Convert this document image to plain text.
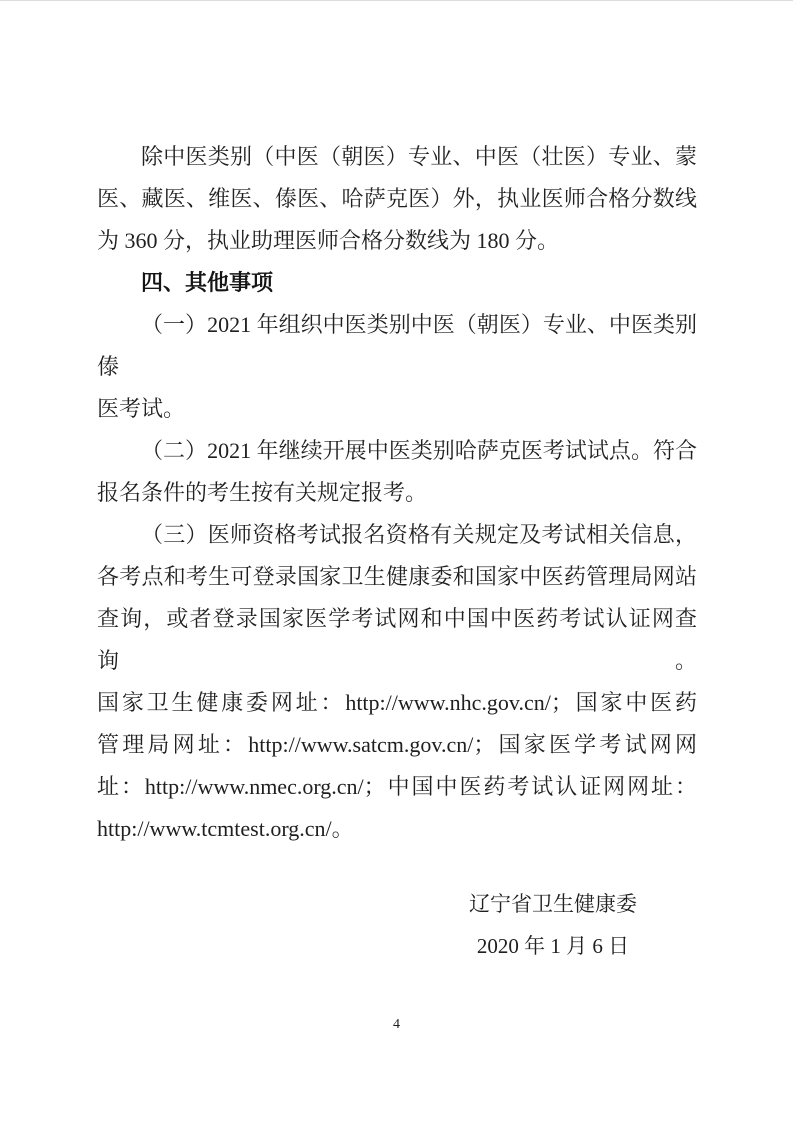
除中医类别（中医（朝医）专业、中医（壮医）专业、蒙
医、藏医、维医、傣医、哈萨克医）外，执业医师合格分数线
为 360 分，执业助理医师合格分数线为 180 分。
四、其他事项
（一）2021 年组织中医类别中医（朝医）专业、中医类别傣
医考试。
（二）2021 年继续开展中医类别哈萨克医考试试点。符合
报名条件的考生按有关规定报考。
（三）医师资格考试报名资格有关规定及考试相关信息，
各考点和考生可登录国家卫生健康委和国家中医药管理局网站
查询，或者登录国家医学考试网和中国中医药考试认证网查询。
国家卫生健康委网址：http://www.nhc.gov.cn/；国家中医药
管理局网址：http://www.satcm.gov.cn/；国家医学考试网网
址：http://www.nmec.org.cn/；中国中医药考试认证网网址：
http://www.tcmtest.org.cn/。
辽宁省卫生健康委
2020 年 1 月 6 日
4
